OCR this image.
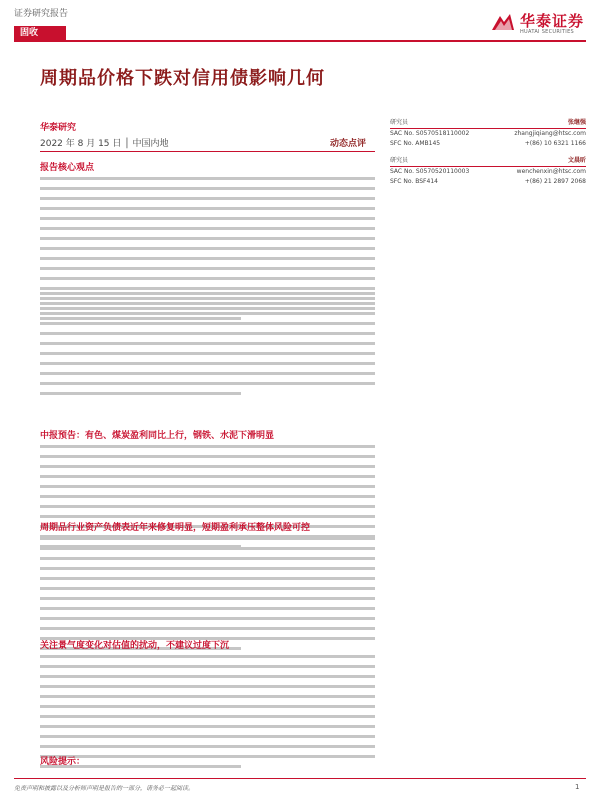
证券研究报告	华泰证券
HUATAI SECURITIES
固收
周期品价格下跌对信用债影响几何
华泰研究
2022 年 8 月 15 日 │ 中国内地	动态点评
研究员	张继强
SAC No. S0570518110002	zhangjiqiang@htsc.com
SFC No. AMB145	+(86) 10 6321 1166
研究员	文晨昕
SAC No. S0570520110003	wenchenxin@htsc.com
SFC No. BSF414	+(86) 21 2897 2068
报告核心观点
中报预告：有色、煤炭盈利同比上行，钢铁、水泥下滑明显
周期品行业资产负债表近年来修复明显，短期盈利承压整体风险可控
关注景气度变化对估值的扰动，不建议过度下沉
风险提示：
免责声明和披露以及分析师声明是报告的一部分，请务必一起阅读。	1
